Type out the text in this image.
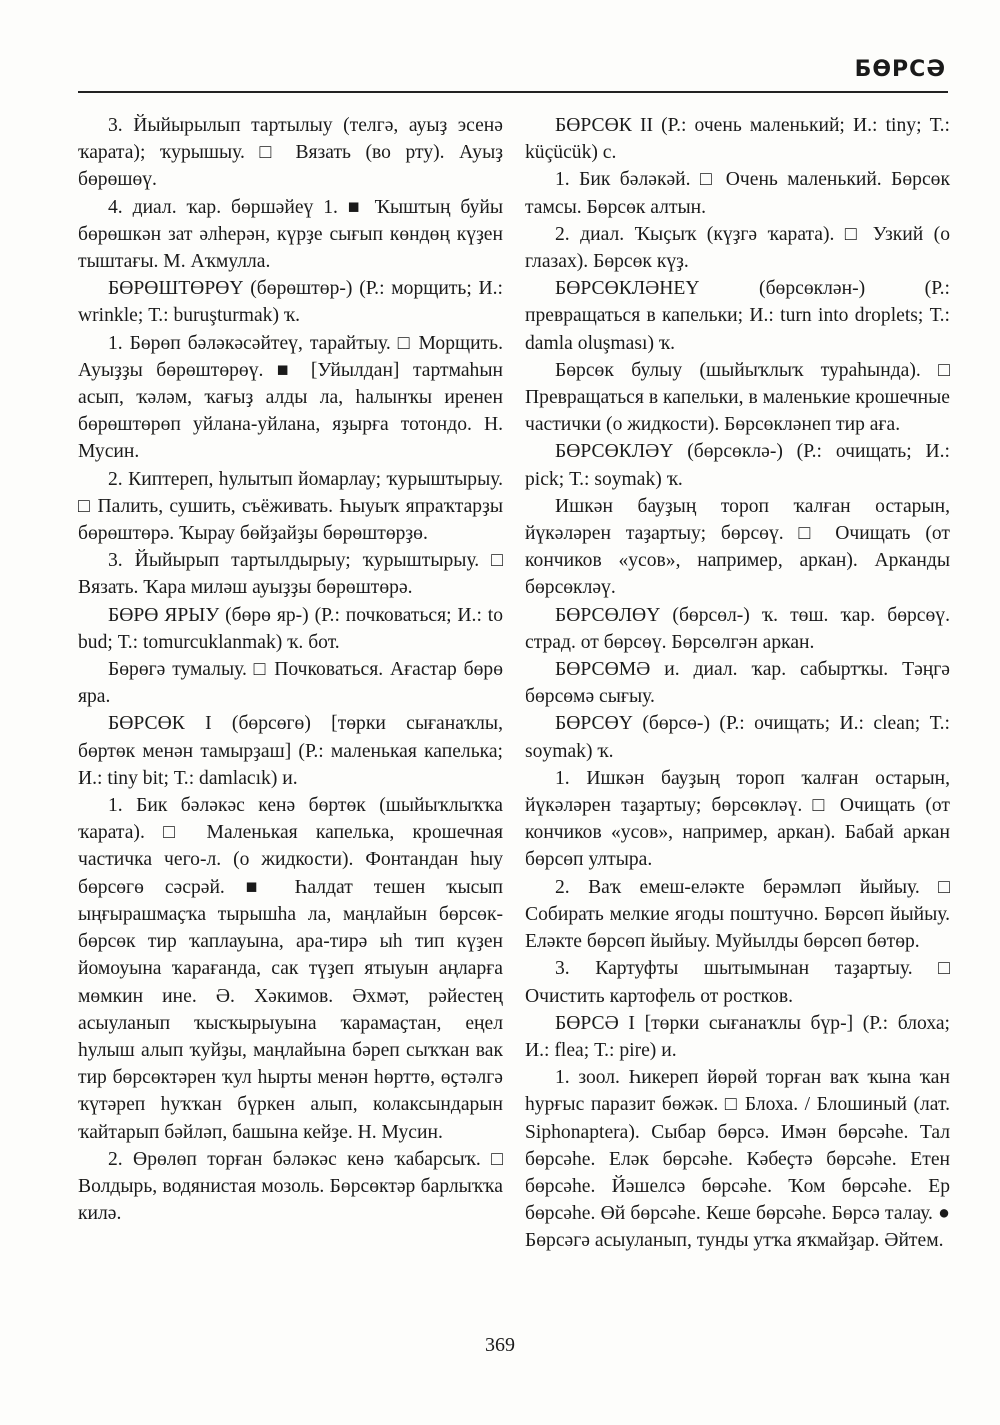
БӨРСӘ

3. Йыйырылып тартылыу (телгә, ауыҙ эсенә ҡарата); ҡурышыу. □ Вязать (во рту). Ауыҙ бөрөшөү.

4. диал. ҡар. бөршәйеү 1. ■ Ҡыштың буйы бөрөшкән зат әлһерән, күрҙе сығып көндөң күҙен тыштағы. М. Аҡмулла.

БӨРӨШТӨРӨҮ (бөрөштөр-) (Р.: морщить; И.: wrinkle; Т.: buruşturmak) ҡ.

1. Бөрөп бәләкәсәйтеү, тарайтыу. □ Морщить. Ауыҙҙы бөрөштөрөү. ■ [Уйылдан] тартмаһын асып, ҡәләм, ҡағыҙ алды ла, һалынҡы иренен бөрөштөрөп уйлана-уйлана, яҙырға тотондо. Н. Мусин.

2. Киптереп, һулытып йомарлау; ҡурыштырыу. □ Палить, сушить, съёживать. Һыуыҡ япраҡтарҙы бөрөштөрә. Ҡырау бөйҙайҙы бөрөштөрҙө.

3. Йыйырып тартылдырыу; ҡурыштырыу. □ Вязать. Ҡара миләш ауыҙҙы бөрөштөрә.

БӨРӨ ЯРЫУ (бөрө яр-) (Р.: почковаться; И.: to bud; Т.: tomurcuklanmak) ҡ. бот.

Бөрөгә тумалыу. □ Почковаться. Ағастар бөрө яра.

БӨРСӨК I (бөрсөгө) [төрки сығанаҡлы, бөртөк менән тамырҙаш] (Р.: маленькая капелька; И.: tiny bit; Т.: damlacık) и.

1. Бик бәләкәс кенә бөртөк (шыйыҡлыҡҡа ҡарата). □ Маленькая капелька, крошечная частичка чего-л. (о жидкости). Фонтандан һыу бөрсөгө сәсрәй. ■ Һалдат тешен ҡысып ыңғырашмаҫҡа тырышһа ла, маңлайын бөрсөк-бөрсөк тир ҡаплауына, ара-тирә ыһ тип күҙен йомоуына ҡарағанда, сак түҙеп ятыуын аңларға мөмкин ине. Ә. Хәкимов. Әхмәт, рәйестең асыуланып ҡысҡырыуына ҡарамаҫтан, еңел һулыш алып ҡуйҙы, маңлайына бәреп сыҡҡан вак тир бөрсөктәрен ҡул һырты менән һөрттө, өҫтәлгә ҡүтәреп һуҡҡан бүркен алып, колаксындарын ҡайтарып бәйләп, башына кейҙе. Н. Мусин.

2. Өрөлөп торған бәләкәс кенә ҡабарсыҡ. □ Волдырь, водянистая мозоль. Бөрсөктәр барлыҡҡа килә.

БӨРСӨК II (Р.: очень маленький; И.: tiny; Т.: küçücük) с.

1. Бик бәләкәй. □ Очень маленький. Бөрсөк тамсы. Бөрсөк алтын.

2. диал. Ҡыҫыҡ (күҙгә ҡарата). □ Узкий (о глазах). Бөрсөк күҙ.

БӨРСӨКЛӘНЕҮ (бөрсөклән-) (Р.: превращаться в капельки; И.: turn into droplets; Т.: damla oluşması) ҡ.

Бөрсөк булыу (шыйыҡлыҡ тураһында). □ Превращаться в капельки, в маленькие крошечные частички (о жидкости). Бөрсөкләнеп тир аға.

БӨРСӨКЛӘҮ (бөрсөклә-) (Р.: очищать; И.: pick; Т.: soymak) ҡ.

Ишкән бауҙың тороп ҡалған остарын, йүкәләрен таҙартыу; бөрсөү. □ Очищать (от кончиков «усов», например, аркан). Арканды бөрсөкләү.

БӨРСӨЛӨҮ (бөрсөл-) ҡ. төш. ҡар. бөрсөү. страд. от бөрсөү. Бөрсөлгән аркан.

БӨРСӨМӘ и. диал. ҡар. сабыртҡы. Тәңгә бөрсөмә сығыу.

БӨРСӨҮ (бөрсө-) (Р.: очищать; И.: clean; Т.: soymak) ҡ.

1. Ишкән бауҙың тороп ҡалған остарын, йүкәләрен таҙартыу; бөрсөкләү. □ Очищать (от кончиков «усов», например, аркан). Бабай аркан бөрсөп ултыра.

2. Ваҡ емеш-еләкте берәмләп йыйыу. □ Собирать мелкие ягоды поштучно. Бөрсөп йыйыу. Еләкте бөрсөп йыйыу. Муйылды бөрсөп бөтөр.

3. Картуфты шытымынан таҙартыу. □ Очистить картофель от ростков.

БӨРСӘ I [төрки сығанаҡлы бүр-] (Р.: блоха; И.: flea; Т.: pire) и.

1. зоол. Һикереп йөрөй торған ваҡ ҡына ҡан һурғыс паразит бөжәк. □ Блоха. / Блошиный (лат. Siphonaptera). Сыбар бөрсә. Имән бөрсәһе. Тал бөрсәһе. Еләк бөрсәһе. Кәбеҫтә бөрсәһе. Етен бөрсәһе. Йәшелсә бөрсәһе. Ҡом бөрсәһе. Ер бөрсәһе. Өй бөрсәһе. Кеше бөрсәһе. Бөрсә талау. ● Бөрсәгә асыуланып, тунды утҡа яҡмайҙар. Әйтем.

369
